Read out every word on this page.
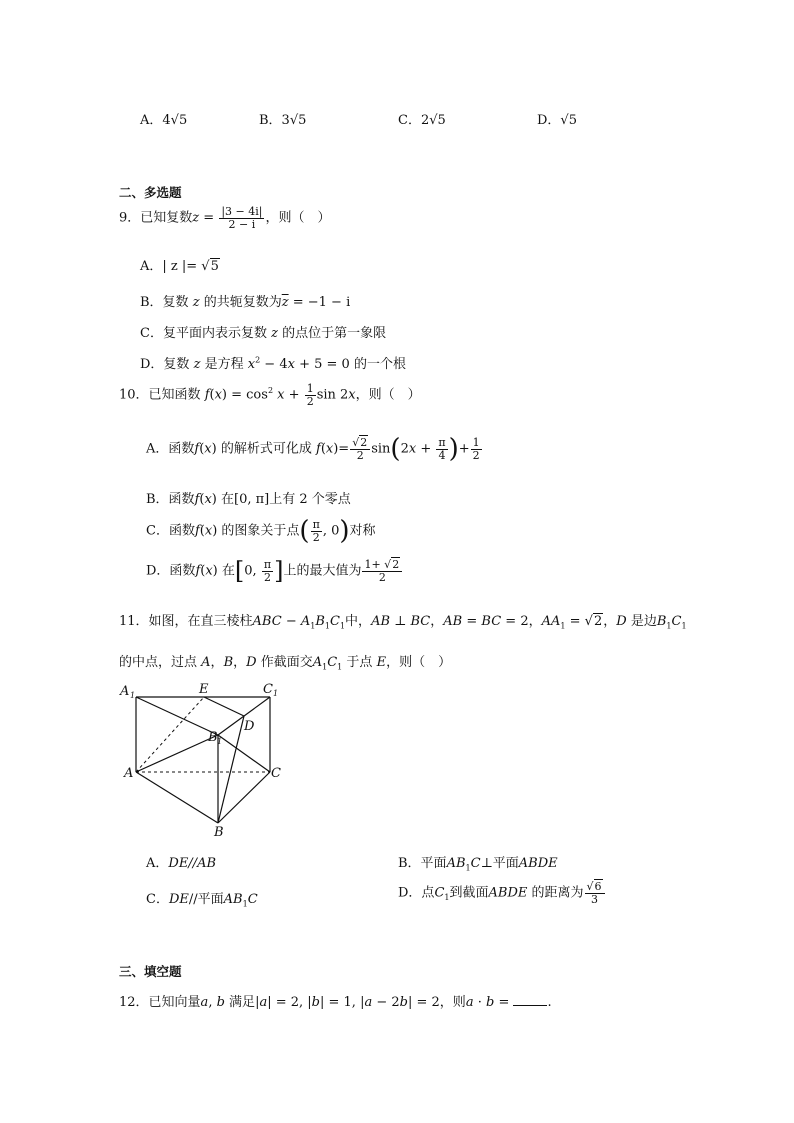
A．4√5	B．3√5	C．2√5	D．√5
二、多选题
9．已知复数$z = \frac{|3 - 4i|}{2 - i}$ ，则（　）
A．| z |= √5
B．复数 z 的共轭复数为$\overline{z} = -1 - i$
C．复平面内表示复数 z 的点位于第一象限
D．复数 z 是方程 $x^2 - 4x + 5 = 0$ 的一个根
10．已知函数 $f(x) = \cos^2 x + \frac{1}{2}$ sin 2x，则（　）
A．函数f(x) 的解析式可化成 $f(x)= \frac{√2}{2} \sin(2x + \frac{\pi}{4}$ )+ $\frac{1}{2}$
B．函数f(x) 在[0, π]上有 2 个零点
C．函数f(x) 的图象关于点( $\frac{\pi}{2}$ , 0)对称
D．函数f(x) 在[0, $\frac{\pi}{2}$ ]上的最大值为 $\frac{1+ √2}{2}$
11．如图，在直三棱柱ABC − $A_1B_1C_1$中，AB ⊥ BC，AB = BC = 2，$AA_1 = √2$，D 是边$B_1C_1$
的中点，过点 A，B，D 作截面交$A_1C_1$ 于点 E，则（　）
A 1	E	C 1
D
B 1
A	C
B
A．DE//AB	B．平面$AB_1C\perp$平面ABDE
C．DE//平面$AB_1C$	D．点$C_1$到截面ABDE 的距离为 $\frac{√6}{3}$
三、填空题
12．已知向量a, b 满足|a| = 2, |b| = 1, |a − 2b| = 2，则a · b =	.
